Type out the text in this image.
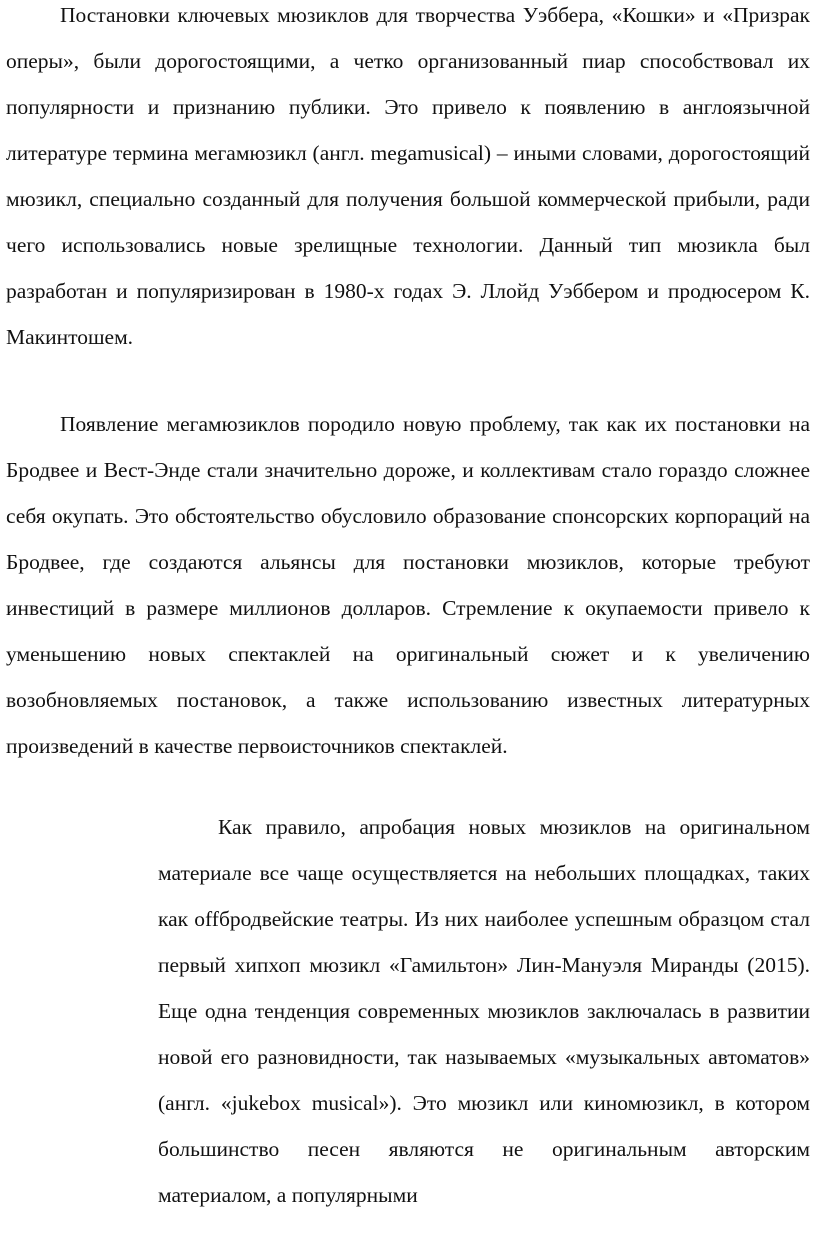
Постановки ключевых мюзиклов для творчества Уэббера, «Кошки» и «Призрак оперы», были дорогостоящими, а четко организованный пиар способствовал их популярности и признанию публики. Это привело к появлению в англоязычной литературе термина мегамюзикл (англ. megamusical) – иными словами, дорогостоящий мюзикл, специально созданный для получения большой коммерческой прибыли, ради чего использовались новые зрелищные технологии. Данный тип мюзикла был разработан и популяризирован в 1980-х годах Э. Ллойд Уэббером и продюсером К. Макинтошем.

Появление мегамюзиклов породило новую проблему, так как их постановки на Бродвее и Вест-Энде стали значительно дороже, и коллективам стало гораздо сложнее себя окупать. Это обстоятельство обусловило образование спонсорских корпораций на Бродвее, где создаются альянсы для постановки мюзиклов, которые требуют инвестиций в размере миллионов долларов. Стремление к окупаемости привело к уменьшению новых спектаклей на оригинальный сюжет и к увеличению возобновляемых постановок, а также использованию известных литературных произведений в качестве первоисточников спектаклей.

Как правило, апробация новых мюзиклов на оригинальном материале все чаще осуществляется на небольших площадках, таких как offбродвейские театры. Из них наиболее успешным образцом стал первый хипхоп мюзикл «Гамильтон» Лин-Мануэля Миранды (2015). Еще одна тенденция современных мюзиклов заключалась в развитии новой его разновидности, так называемых «музыкальных автоматов» (англ. «jukebox musical»). Это мюзикл или киномюзикл, в котором большинство песен являются не оригинальным авторским материалом, а популярными
